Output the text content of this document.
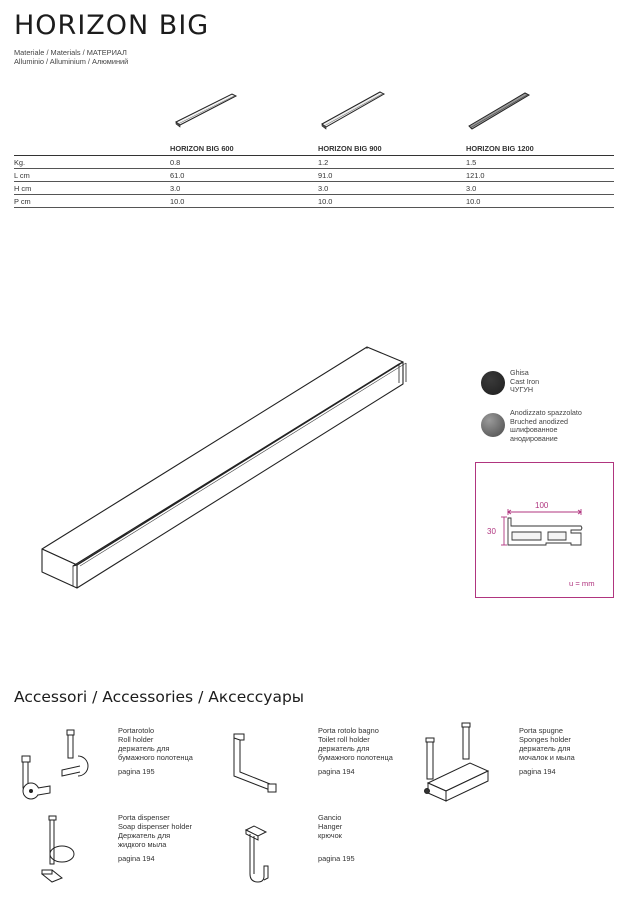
HORIZON BIG
Materiale / Materials / МАТЕРИАЛ
Alluminio / Alluminium / Алюминий
	HORIZON BIG 600	HORIZON BIG 900	HORIZON BIG 1200
Kg.	0.8	1.2	1.5
L cm	61.0	91.0	121.0
H cm	3.0	3.0	3.0
P cm	10.0	10.0	10.0
Ghisa
Cast Iron
ЧУГУН
Anodizzato spazzolato
Bruched anodized
шлифованное
анодирование
100
30
u = mm
Accessori / Accessories / Аксессуары
Portarotolo
Roll holder
держатель для
бумажного полотенца
pagina 195
Porta rotolo bagno
Toilet roll holder
держатель для
бумажного полотенца
pagina 194
Porta spugne
Sponges holder
держатель для
мочалок и мыла
pagina 194
Porta dispenser
Soap dispenser holder
Держатель для
жидкого мыла
pagina 194
Gancio
Hanger
крючок
pagina 195
